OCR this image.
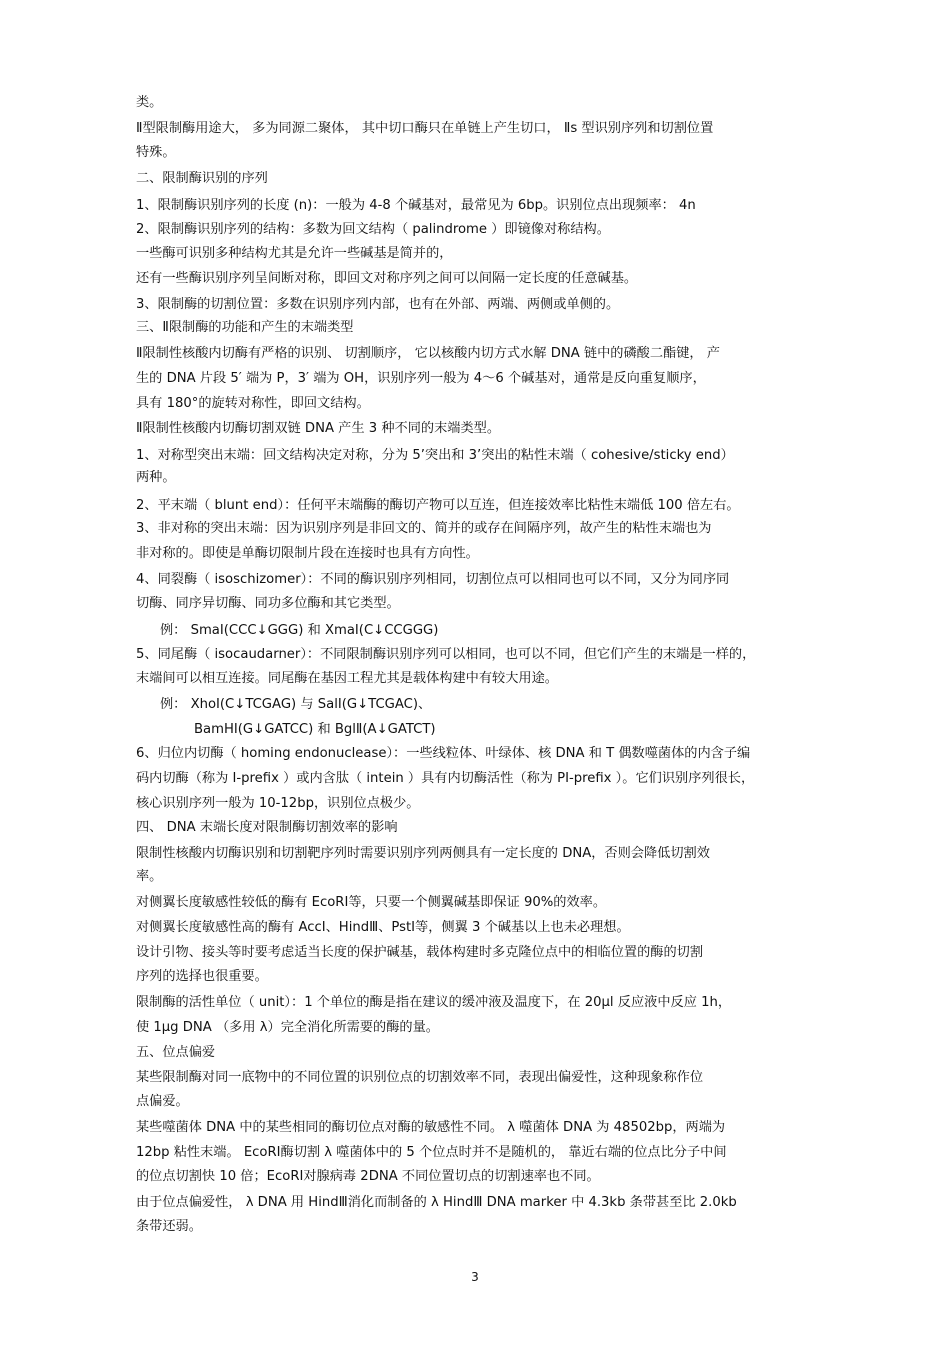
类。
Ⅱ型限制酶用途大， 多为同源二聚体， 其中切口酶只在单链上产生切口， Ⅱs 型识别序列和切割位置
特殊。
二、限制酶识别的序列
1、限制酶识别序列的长度 (n)：一般为 4-8 个碱基对，最常见为 6bp。识别位点出现频率： 4n
2、限制酶识别序列的结构：多数为回文结构（ palindrome ）即镜像对称结构。
一些酶可识别多种结构尤其是允许一些碱基是简并的，
还有一些酶识别序列呈间断对称，即回文对称序列之间可以间隔一定长度的任意碱基。
3、限制酶的切割位置：多数在识别序列内部，也有在外部、两端、两侧或单侧的。
三、Ⅱ限制酶的功能和产生的末端类型
Ⅱ限制性核酸内切酶有严格的识别、 切割顺序， 它以核酸内切方式水解 DNA 链中的磷酸二酯键， 产
生的 DNA 片段 5′ 端为 P，3′ 端为 OH，识别序列一般为 4～6 个碱基对，通常是反向重复顺序，
具有 180°的旋转对称性，即回文结构。
Ⅱ限制性核酸内切酶切割双链 DNA 产生 3 种不同的末端类型。
1、对称型突出末端：回文结构决定对称，分为 5’突出和 3’突出的粘性末端（ cohesive/sticky end）
两种。
2、平末端（ blunt end）：任何平末端酶的酶切产物可以互连，但连接效率比粘性末端低 100 倍左右。
3、非对称的突出末端：因为识别序列是非回文的、简并的或存在间隔序列，故产生的粘性末端也为
非对称的。即使是单酶切限制片段在连接时也具有方向性。
4、同裂酶（ isoschizomer）：不同的酶识别序列相同，切割位点可以相同也可以不同，又分为同序同
切酶、同序异切酶、同功多位酶和其它类型。
例： SmaⅠ(CCC↓GGG) 和 XmaⅠ(C↓CCGGG)
5、同尾酶（ isocaudarner）：不同限制酶识别序列可以相同，也可以不同，但它们产生的末端是一样的，
末端间可以相互连接。同尾酶在基因工程尤其是载体构建中有较大用途。
例： XhoⅠ(C↓TCGAG) 与 SalⅠ(G↓TCGAC)、
BamHI(G↓GATCC) 和 BglⅡ(A↓GATCT)
6、归位内切酶（ homing endonuclease）：一些线粒体、叶绿体、核 DNA 和 T 偶数噬菌体的内含子编
码内切酶（称为 I-prefix ）或内含肽（ intein ）具有内切酶活性（称为 PI-prefix ）。它们识别序列很长，
核心识别序列一般为 10-12bp，识别位点极少。
四、 DNA 末端长度对限制酶切割效率的影响
限制性核酸内切酶识别和切割靶序列时需要识别序列两侧具有一定长度的 DNA，否则会降低切割效
率。
对侧翼长度敏感性较低的酶有 EcoRⅠ等，只要一个侧翼碱基即保证 90%的效率。
对侧翼长度敏感性高的酶有 AccⅠ、HindⅢ、PstⅠ等，侧翼 3 个碱基以上也未必理想。
设计引物、接头等时要考虑适当长度的保护碱基，载体构建时多克隆位点中的相临位置的酶的切割
序列的选择也很重要。
限制酶的活性单位（ unit）：1 个单位的酶是指在建议的缓冲液及温度下，在 20μl 反应液中反应 1h，
使 1μg DNA （多用 λ）完全消化所需要的酶的量。
五、位点偏爱
某些限制酶对同一底物中的不同位置的识别位点的切割效率不同，表现出偏爱性，这种现象称作位
点偏爱。
某些噬菌体 DNA 中的某些相同的酶切位点对酶的敏感性不同。 λ 噬菌体 DNA 为 48502bp，两端为
12bp 粘性末端。 EcoRⅠ酶切割 λ 噬菌体中的 5 个位点时并不是随机的， 靠近右端的位点比分子中间
的位点切割快 10 倍；EcoRⅠ对腺病毒 2DNA 不同位置切点的切割速率也不同。
由于位点偏爱性， λ DNA 用 HindⅢ消化而制备的 λ HindⅢ DNA marker 中 4.3kb 条带甚至比 2.0kb
条带还弱。
3
